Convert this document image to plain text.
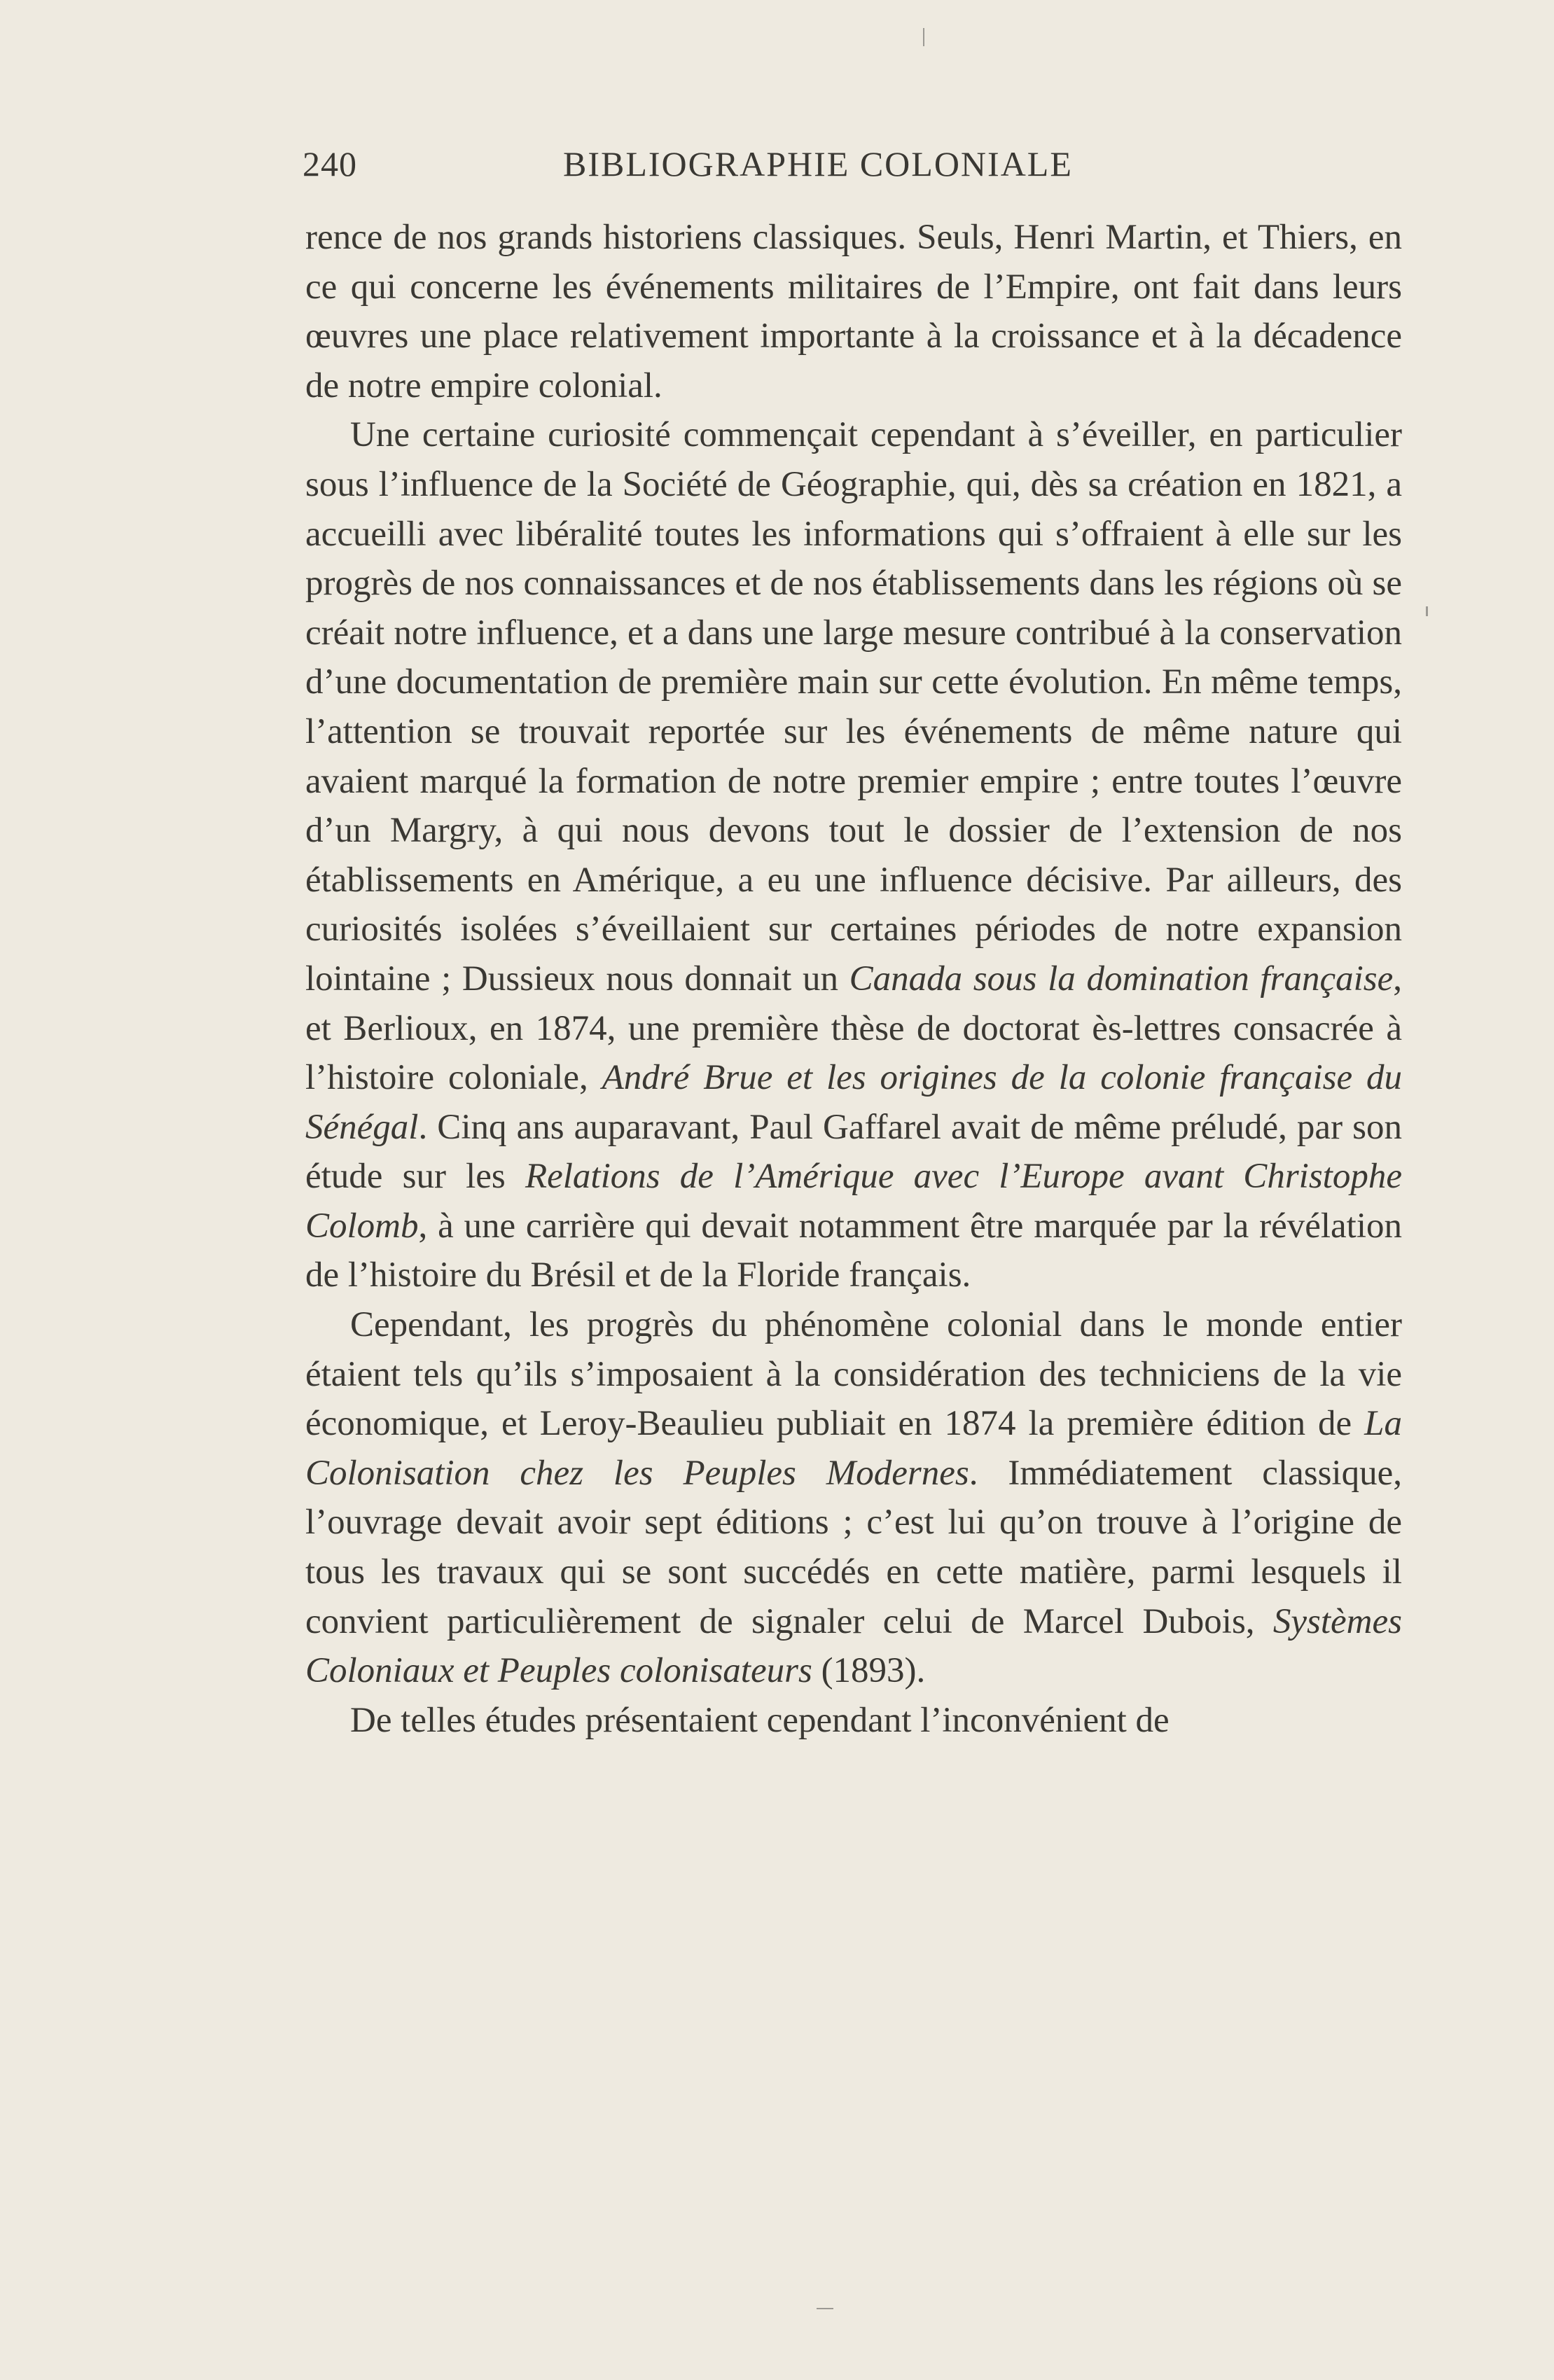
240	BIBLIOGRAPHIE COLONIALE

rence de nos grands historiens classiques. Seuls, Henri Martin, et Thiers, en ce qui concerne les événements militaires de l’Empire, ont fait dans leurs œuvres une place relativement importante à la croissance et à la décadence de notre empire colonial.

Une certaine curiosité commençait cependant à s’éveiller, en particulier sous l’influence de la Société de Géographie, qui, dès sa création en 1821, a accueilli avec libéralité toutes les informations qui s’offraient à elle sur les progrès de nos connaissances et de nos établissements dans les régions où se créait notre influence, et a dans une large mesure contribué à la conservation d’une documentation de première main sur cette évolution. En même temps, l’attention se trouvait reportée sur les événements de même nature qui avaient marqué la formation de notre premier empire ; entre toutes l’œuvre d’un Margry, à qui nous devons tout le dossier de l’extension de nos établissements en Amérique, a eu une influence décisive. Par ailleurs, des curiosités isolées s’éveillaient sur certaines périodes de notre expansion lointaine ; Dussieux nous donnait un Canada sous la domination française, et Berlioux, en 1874, une première thèse de doctorat ès-lettres consacrée à l’histoire coloniale, André Brue et les origines de la colonie française du Sénégal. Cinq ans auparavant, Paul Gaffarel avait de même préludé, par son étude sur les Relations de l’Amérique avec l’Europe avant Christophe Colomb, à une carrière qui devait notamment être marquée par la révélation de l’histoire du Brésil et de la Floride français.

Cependant, les progrès du phénomène colonial dans le monde entier étaient tels qu’ils s’imposaient à la considération des techniciens de la vie économique, et Leroy-Beaulieu publiait en 1874 la première édition de La Colonisation chez les Peuples Modernes. Immédiatement classique, l’ouvrage devait avoir sept éditions ; c’est lui qu’on trouve à l’origine de tous les travaux qui se sont succédés en cette matière, parmi lesquels il convient particulièrement de signaler celui de Marcel Dubois, Systèmes Coloniaux et Peuples colonisateurs (1893).

De telles études présentaient cependant l’inconvénient de
